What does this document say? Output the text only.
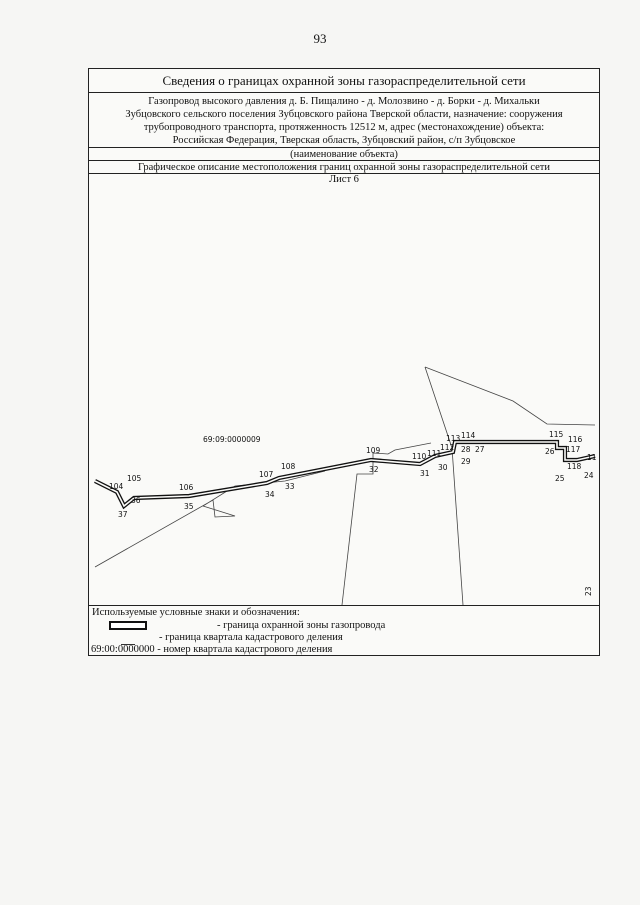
93
Сведения о границах охранной зоны газораспределительной сети
Газопровод высокого давления д. Б. Пищалино - д. Молозвино - д. Борки - д. Михальки
Зубцовского сельского поселения Зубцовского района Тверской области, назначение: сооружения
трубопроводного транспорта, протяженность 12512 м, адрес (местонахождение) объекта:
Российская Федерация, Тверская область, Зубцовский район, с/п Зубцовское
(наименование объекта)
Графическое описание местоположения границ охранной зоны газораспределительной сети
Лист 6
69:09:0000009
23
104
105
36
37
106
35
107
108
34
33
109
32
110 111
31
30
112
113 114
28 27
29
115
116
26 117
118
25	24
11
Используемые условные знаки и обозначения:
- граница охранной зоны газопровода
- граница квартала кадастрового деления
69:00:0000000 - номер квартала кадастрового деления
